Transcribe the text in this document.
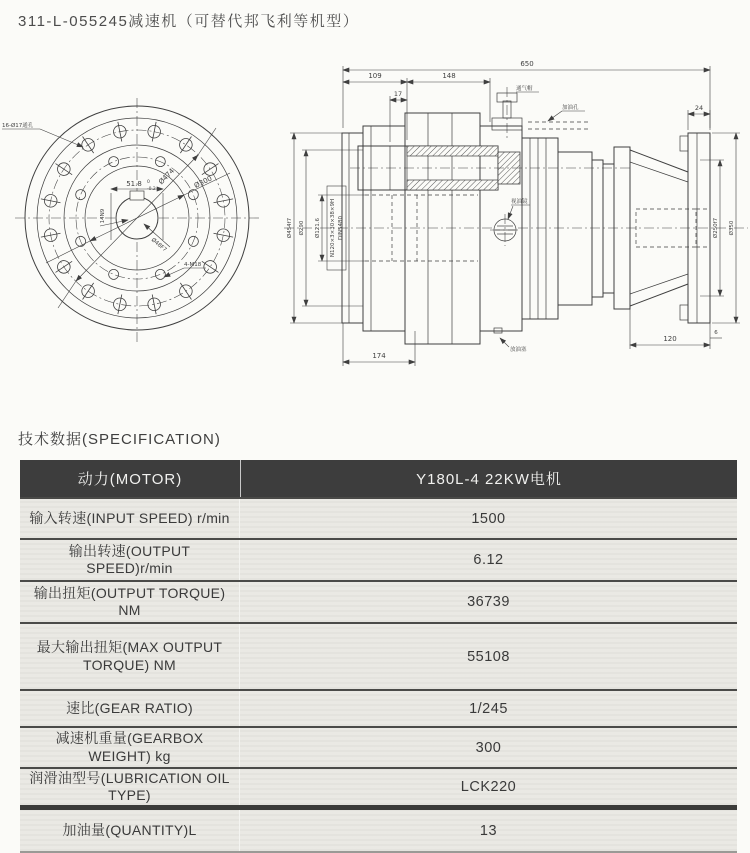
311-L-055245减速机（可替代邦飞利等机型）
51.8 0
-0.2
14N9
Ø474 Ø300
Ø48F7
16-Ø17通孔
4-M18
通气帽
加油孔
视油镜
放油塞
650
109	148
17
24
174
120
6
Ø454f7 Ø290 Ø121.6 N120×3×30×38×9H DIN5480	Ø250f7 Ø350
技术数据(SPECIFICATION)
动力(MOTOR)	Y180L-4 22KW电机
输入转速(INPUT SPEED) r/min	1500
输出转速(OUTPUT SPEED)r/min	6.12
输出扭矩(OUTPUT TORQUE) NM	36739
最大输出扭矩(MAX OUTPUT TORQUE) NM	55108
速比(GEAR RATIO)	1/245
减速机重量(GEARBOX WEIGHT) kg	300
润滑油型号(LUBRICATION OIL TYPE)	LCK220
加油量(QUANTITY)L	13
